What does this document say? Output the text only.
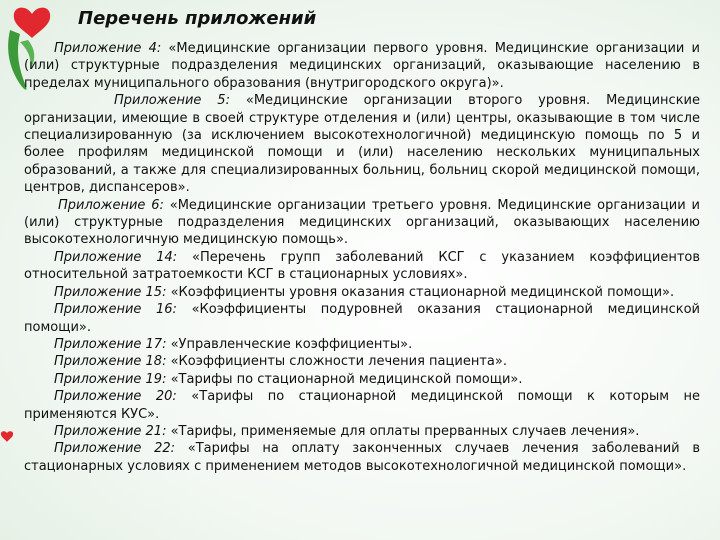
Перечень приложений

Приложение 4: «Медицинские организации первого уровня. Медицинские организации и (или) структурные подразделения медицинских организаций, оказывающие населению в пределах муниципального образования (внутригородского округа)».

Приложение 5: «Медицинские организации второго уровня. Медицинские организации, имеющие в своей структуре отделения и (или) центры, оказывающие в том числе специализированную (за исключением высокотехнологичной) медицинскую помощь по 5 и более профилям медицинской помощи и (или) населению нескольких муниципальных образований, а также для специализированных больниц, больниц скорой медицинской помощи, центров, диспансеров».

Приложение 6: «Медицинские организации третьего уровня. Медицинские организации и (или) структурные подразделения медицинских организаций, оказывающих населению высокотехнологичную медицинскую помощь».

Приложение 14: «Перечень групп заболеваний КСГ с указанием коэффициентов относительной затратоемкости КСГ в стационарных условиях».

Приложение 15: «Коэффициенты уровня оказания стационарной медицинской помощи».

Приложение 16: «Коэффициенты подуровней оказания стационарной медицинской помощи».

Приложение 17: «Управленческие коэффициенты».

Приложение 18: «Коэффициенты сложности лечения пациента».

Приложение 19: «Тарифы по стационарной медицинской помощи».

Приложение 20: «Тарифы по стационарной медицинской помощи к которым не применяются КУС».

Приложение 21: «Тарифы, применяемые для оплаты прерванных случаев лечения».

Приложение 22: «Тарифы на оплату законченных случаев лечения заболеваний в стационарных условиях с применением методов высокотехнологичной медицинской помощи».
